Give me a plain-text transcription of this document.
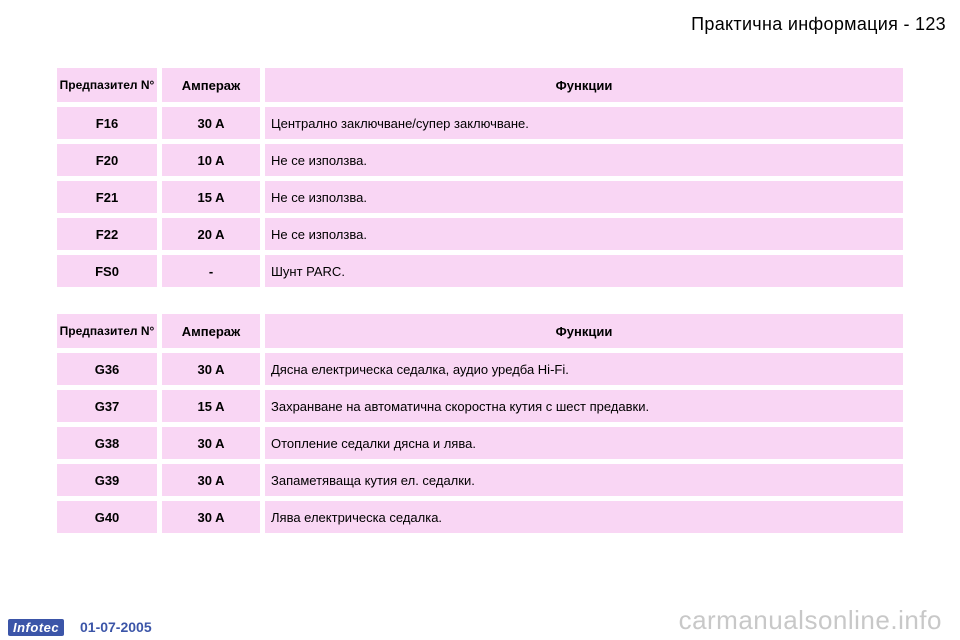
Практична информация - 123
Предпазител N°		Ампераж		Функции

F16		30 A		Централно заключване/супер заключване.

F20		10 A		Не се използва.

F21		15 A		Не се използва.

F22		20 A		Не се използва.

FS0		-		Шунт PARC.
Предпазител N°		Ампераж		Функции

G36		30 A		Дясна електрическа седалка, аудио уредба Hi-Fi.

G37		15 A		Захранване на автоматична скоростна кутия с шест предавки.

G38		30 A		Отопление седалки дясна и лява.

G39		30 A		Запаметяваща кутия ел. седалки.

G40		30 A		Лява електрическа седалка.
Infotec	01-07-2005	carmanualsonline.info
